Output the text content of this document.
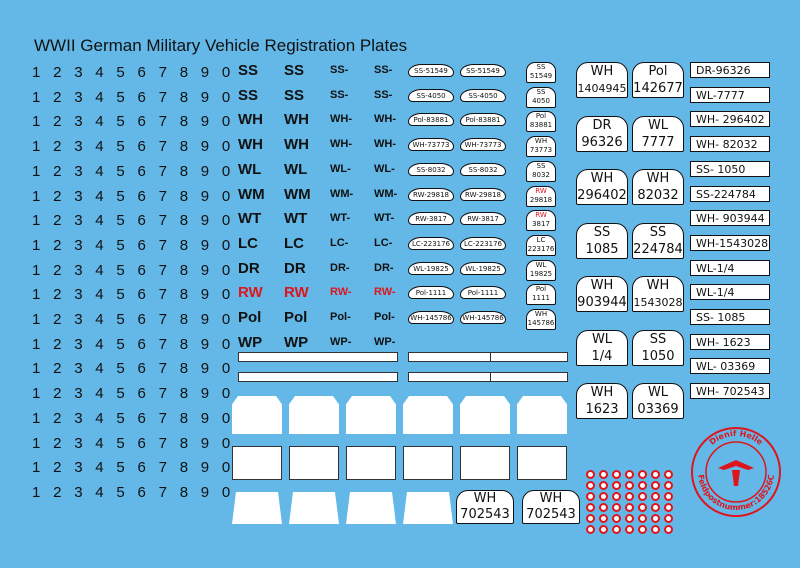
WWII German Military Vehicle Registration Plates
1 2 3 4 5 6 7 8 9 0
1 2 3 4 5 6 7 8 9 0
1 2 3 4 5 6 7 8 9 0
1 2 3 4 5 6 7 8 9 0
1 2 3 4 5 6 7 8 9 0
1 2 3 4 5 6 7 8 9 0
1 2 3 4 5 6 7 8 9 0
1 2 3 4 5 6 7 8 9 0
1 2 3 4 5 6 7 8 9 0
1 2 3 4 5 6 7 8 9 0
1 2 3 4 5 6 7 8 9 0
1 2 3 4 5 6 7 8 9 0
1 2 3 4 5 6 7 8 9 0
1 2 3 4 5 6 7 8 9 0
1 2 3 4 5 6 7 8 9 0
1 2 3 4 5 6 7 8 9 0
1 2 3 4 5 6 7 8 9 0
1 2 3 4 5 6 7 8 9 0
SS SS SS- SS-
SS SS SS- SS-
WH WH WH- WH-
WH WH WH- WH-
WL WL WL- WL-
WM WM WM- WM-
WT WT WT- WT-
LC LC LC- LC-
DR DR DR- DR-
RW RW RW- RW-
Pol Pol Pol- Pol-
WP WP WP- WP-
SS-51549	SS-51549
SS-4050	SS-4050
Pol-83881	Pol-83881
WH-73773	WH-73773
SS-8032	SS-8032
RW-29818	RW-29818
RW-3817	RW-3817
LC-223176	LC-223176
WL-19825	WL-19825
Pol-1111	Pol-1111
WH-145786	WH-145786
SS
51549
SS
4050
Pol
83881
WH
73773
SS
8032
RW
29818
RW
3817
LC
223176
WL
19825
Pol
1111
WH
145786
WH
1404945
Pol
142677
DR
96326
WL
7777
WH
296402
WH
82032
SS
1085
SS
224784
WH
903944
WH
1543028
WL
1/4
SS
1050
WH
1623
WL
03369
DR-96326
WL-7777
WH- 296402
WH- 82032
SS- 1050
SS-224784
WH- 903944
WH-1543028
WL-1/4
WL-1/4
SS- 1085
WH- 1623
WL- 03369
WH- 702543
WH
702543
WH
702543
Dienif Helle
Feldpostnummer:18526C
